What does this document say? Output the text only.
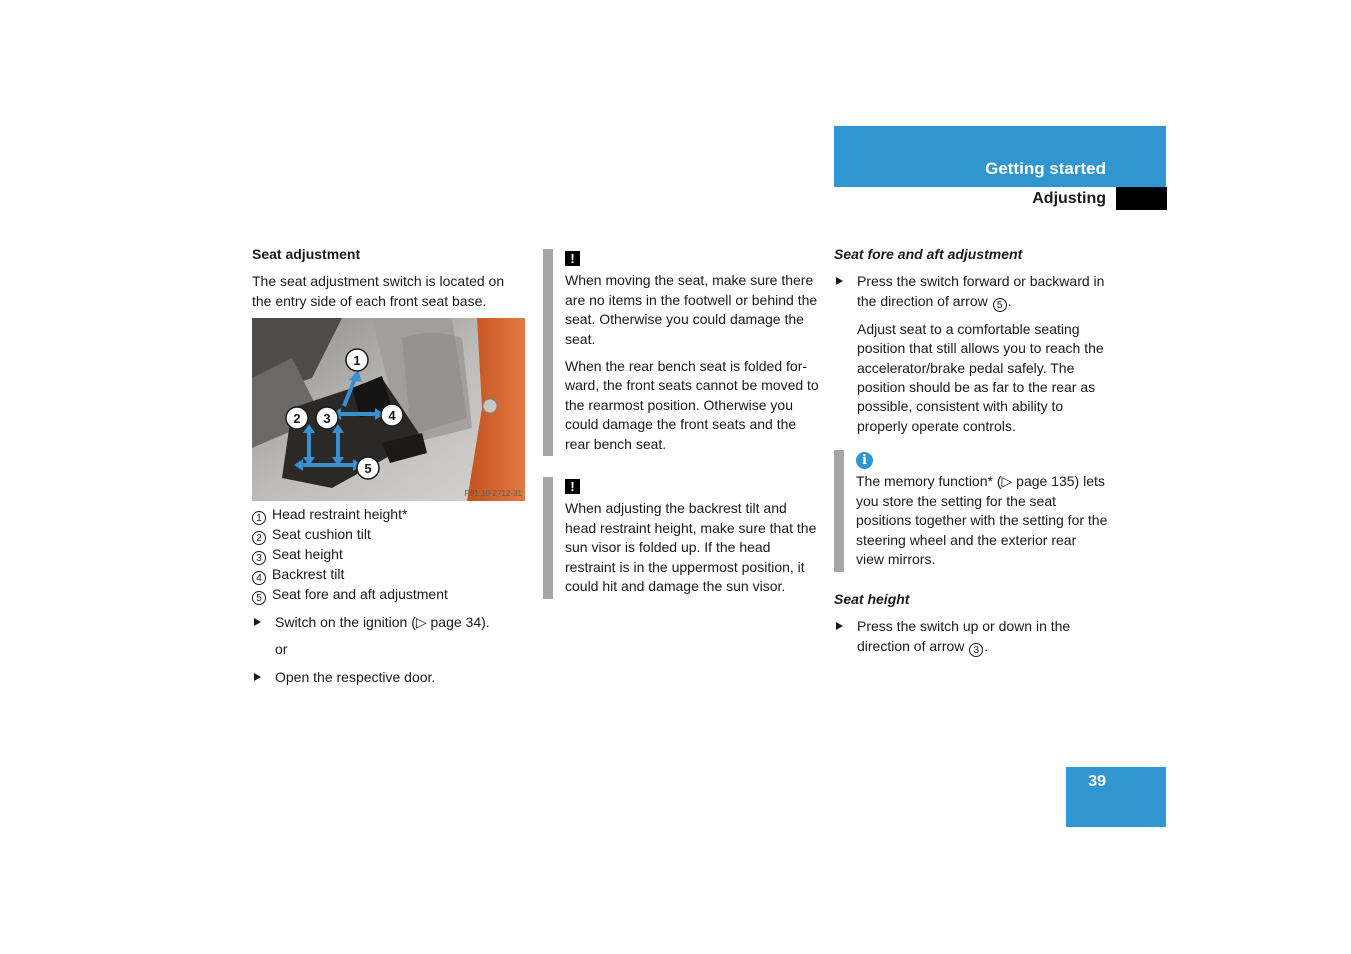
Getting started
Adjusting

Seat adjustment

The seat adjustment switch is located on the entry side of each front seat base.

1
2 3	4
5
P91.10-2712-31

1 Head restraint height*

2 Seat cushion tilt

3 Seat height

4 Backrest tilt

5 Seat fore and aft adjustment

Switch on the ignition (▷ page 34).

or

Open the respective door.

!

When moving the seat, make sure there are no items in the footwell or behind the seat. Otherwise you could damage the seat.

When the rear bench seat is folded for-ward, the front seats cannot be moved to the rearmost position. Otherwise you could damage the front seats and the rear bench seat.

!

When adjusting the backrest tilt and head restraint height, make sure that the sun visor is folded up. If the head restraint is in the uppermost position, it could hit and damage the sun visor.

Seat fore and aft adjustment

Press the switch forward or backward in the direction of arrow 5 .

Adjust seat to a comfortable seating position that still allows you to reach the accelerator/brake pedal safely. The position should be as far to the rear as possible, consistent with ability to properly operate controls.

i

The memory function* (▷ page 135) lets you store the setting for the seat positions together with the setting for the steering wheel and the exterior rear view mirrors.

Seat height

Press the switch up or down in the direction of arrow 3 .

39
